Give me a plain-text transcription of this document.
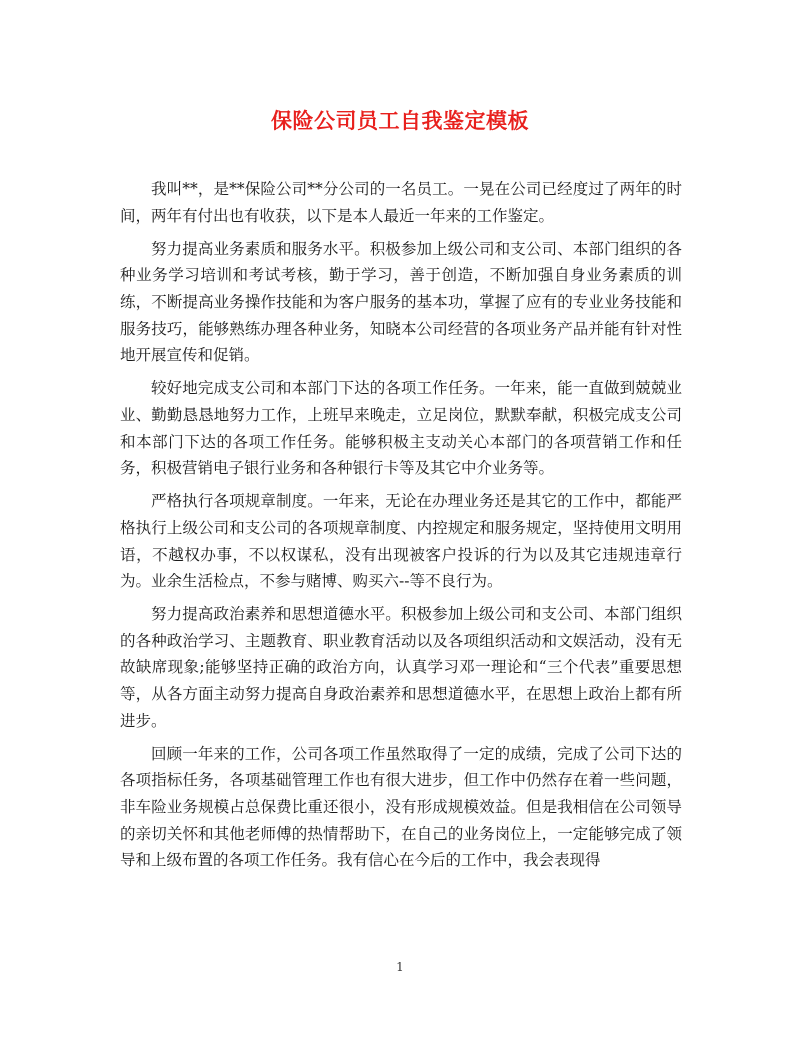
保险公司员工自我鉴定模板

我叫**，是**保险公司**分公司的一名员工。一晃在公司已经度过了两年的时间，两年有付出也有收获，以下是本人最近一年来的工作鉴定。

努力提高业务素质和服务水平。积极参加上级公司和支公司、本部门组织的各种业务学习培训和考试考核，勤于学习，善于创造，不断加强自身业务素质的训练，不断提高业务操作技能和为客户服务的基本功，掌握了应有的专业业务技能和服务技巧，能够熟练办理各种业务，知晓本公司经营的各项业务产品并能有针对性地开展宣传和促销。

较好地完成支公司和本部门下达的各项工作任务。一年来，能一直做到兢兢业业、勤勤恳恳地努力工作，上班早来晚走，立足岗位，默默奉献，积极完成支公司和本部门下达的各项工作任务。能够积极主支动关心本部门的各项营销工作和任务，积极营销电子银行业务和各种银行卡等及其它中介业务等。

严格执行各项规章制度。一年来，无论在办理业务还是其它的工作中，都能严格执行上级公司和支公司的各项规章制度、内控规定和服务规定，坚持使用文明用语，不越权办事，不以权谋私，没有出现被客户投诉的行为以及其它违规违章行为。业余生活检点，不参与赌博、购买六--等不良行为。

努力提高政治素养和思想道德水平。积极参加上级公司和支公司、本部门组织的各种政治学习、主题教育、职业教育活动以及各项组织活动和文娱活动，没有无故缺席现象;能够坚持正确的政治方向，认真学习邓一理论和“三个代表”重要思想等，从各方面主动努力提高自身政治素养和思想道德水平，在思想上政治上都有所进步。

回顾一年来的工作，公司各项工作虽然取得了一定的成绩，完成了公司下达的各项指标任务，各项基础管理工作也有很大进步，但工作中仍然存在着一些问题，非车险业务规模占总保费比重还很小，没有形成规模效益。但是我相信在公司领导的亲切关怀和其他老师傅的热情帮助下，在自己的业务岗位上，一定能够完成了领导和上级布置的各项工作任务。我有信心在今后的工作中，我会表现得

1
